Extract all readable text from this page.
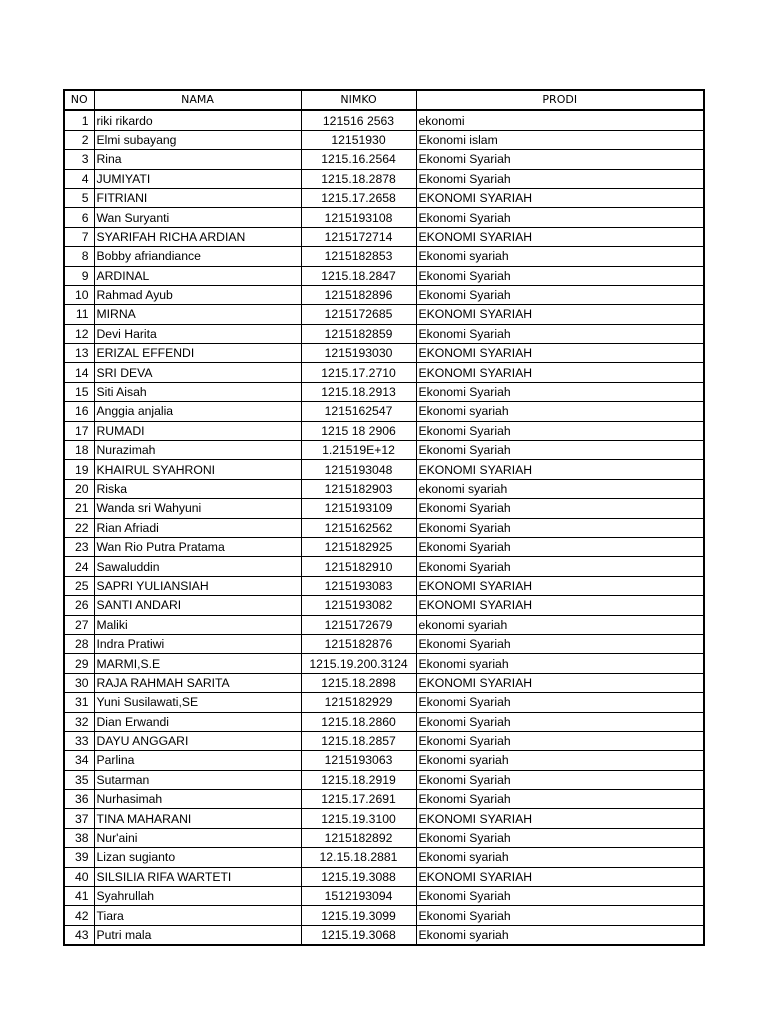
NO	NAMA	NIMKO	PRODI
1	riki rikardo	121516 2563	ekonomi
2	Elmi subayang	12151930	Ekonomi islam
3	Rina	1215.16.2564	Ekonomi Syariah
4	JUMIYATI	1215.18.2878	Ekonomi Syariah
5	FITRIANI	1215.17.2658	EKONOMI SYARIAH
6	Wan Suryanti	1215193108	Ekonomi Syariah
7	SYARIFAH RICHA ARDIAN	1215172714	EKONOMI SYARIAH
8	Bobby afriandiance	1215182853	Ekonomi syariah
9	ARDINAL	1215.18.2847	Ekonomi Syariah
10	Rahmad Ayub	1215182896	Ekonomi Syariah
11	MIRNA	1215172685	EKONOMI SYARIAH
12	Devi Harita	1215182859	Ekonomi Syariah
13	ERIZAL EFFENDI	1215193030	EKONOMI SYARIAH
14	SRI DEVA	1215.17.2710	EKONOMI SYARIAH
15	Siti Aisah	1215.18.2913	Ekonomi Syariah
16	Anggia anjalia	1215162547	Ekonomi syariah
17	RUMADI	1215 18 2906	Ekonomi Syariah
18	Nurazimah	1.21519E+12	Ekonomi Syariah
19	KHAIRUL SYAHRONI	1215193048	EKONOMI SYARIAH
20	Riska	1215182903	ekonomi syariah
21	Wanda sri Wahyuni	1215193109	Ekonomi Syariah
22	Rian Afriadi	1215162562	Ekonomi Syariah
23	Wan Rio Putra Pratama	1215182925	Ekonomi Syariah
24	Sawaluddin	1215182910	Ekonomi Syariah
25	SAPRI YULIANSIAH	1215193083	EKONOMI SYARIAH
26	SANTI ANDARI	1215193082	EKONOMI SYARIAH
27	Maliki	1215172679	ekonomi syariah
28	Indra Pratiwi	1215182876	Ekonomi Syariah
29	MARMI,S.E	1215.19.200.3124	Ekonomi syariah
30	RAJA RAHMAH SARITA	1215.18.2898	EKONOMI SYARIAH
31	Yuni Susilawati,SE	1215182929	Ekonomi Syariah
32	Dian Erwandi	1215.18.2860	Ekonomi Syariah
33	DAYU ANGGARI	1215.18.2857	Ekonomi Syariah
34	Parlina	1215193063	Ekonomi syariah
35	Sutarman	1215.18.2919	Ekonomi Syariah
36	Nurhasimah	1215.17.2691	Ekonomi Syariah
37	TINA MAHARANI	1215.19.3100	EKONOMI SYARIAH
38	Nur'aini	1215182892	Ekonomi Syariah
39	Lizan sugianto	12.15.18.2881	Ekonomi syariah
40	SILSILIA RIFA WARTETI	1215.19.3088	EKONOMI SYARIAH
41	Syahrullah	1512193094	Ekonomi Syariah
42	Tiara	1215.19.3099	Ekonomi Syariah
43	Putri mala	1215.19.3068	Ekonomi syariah
